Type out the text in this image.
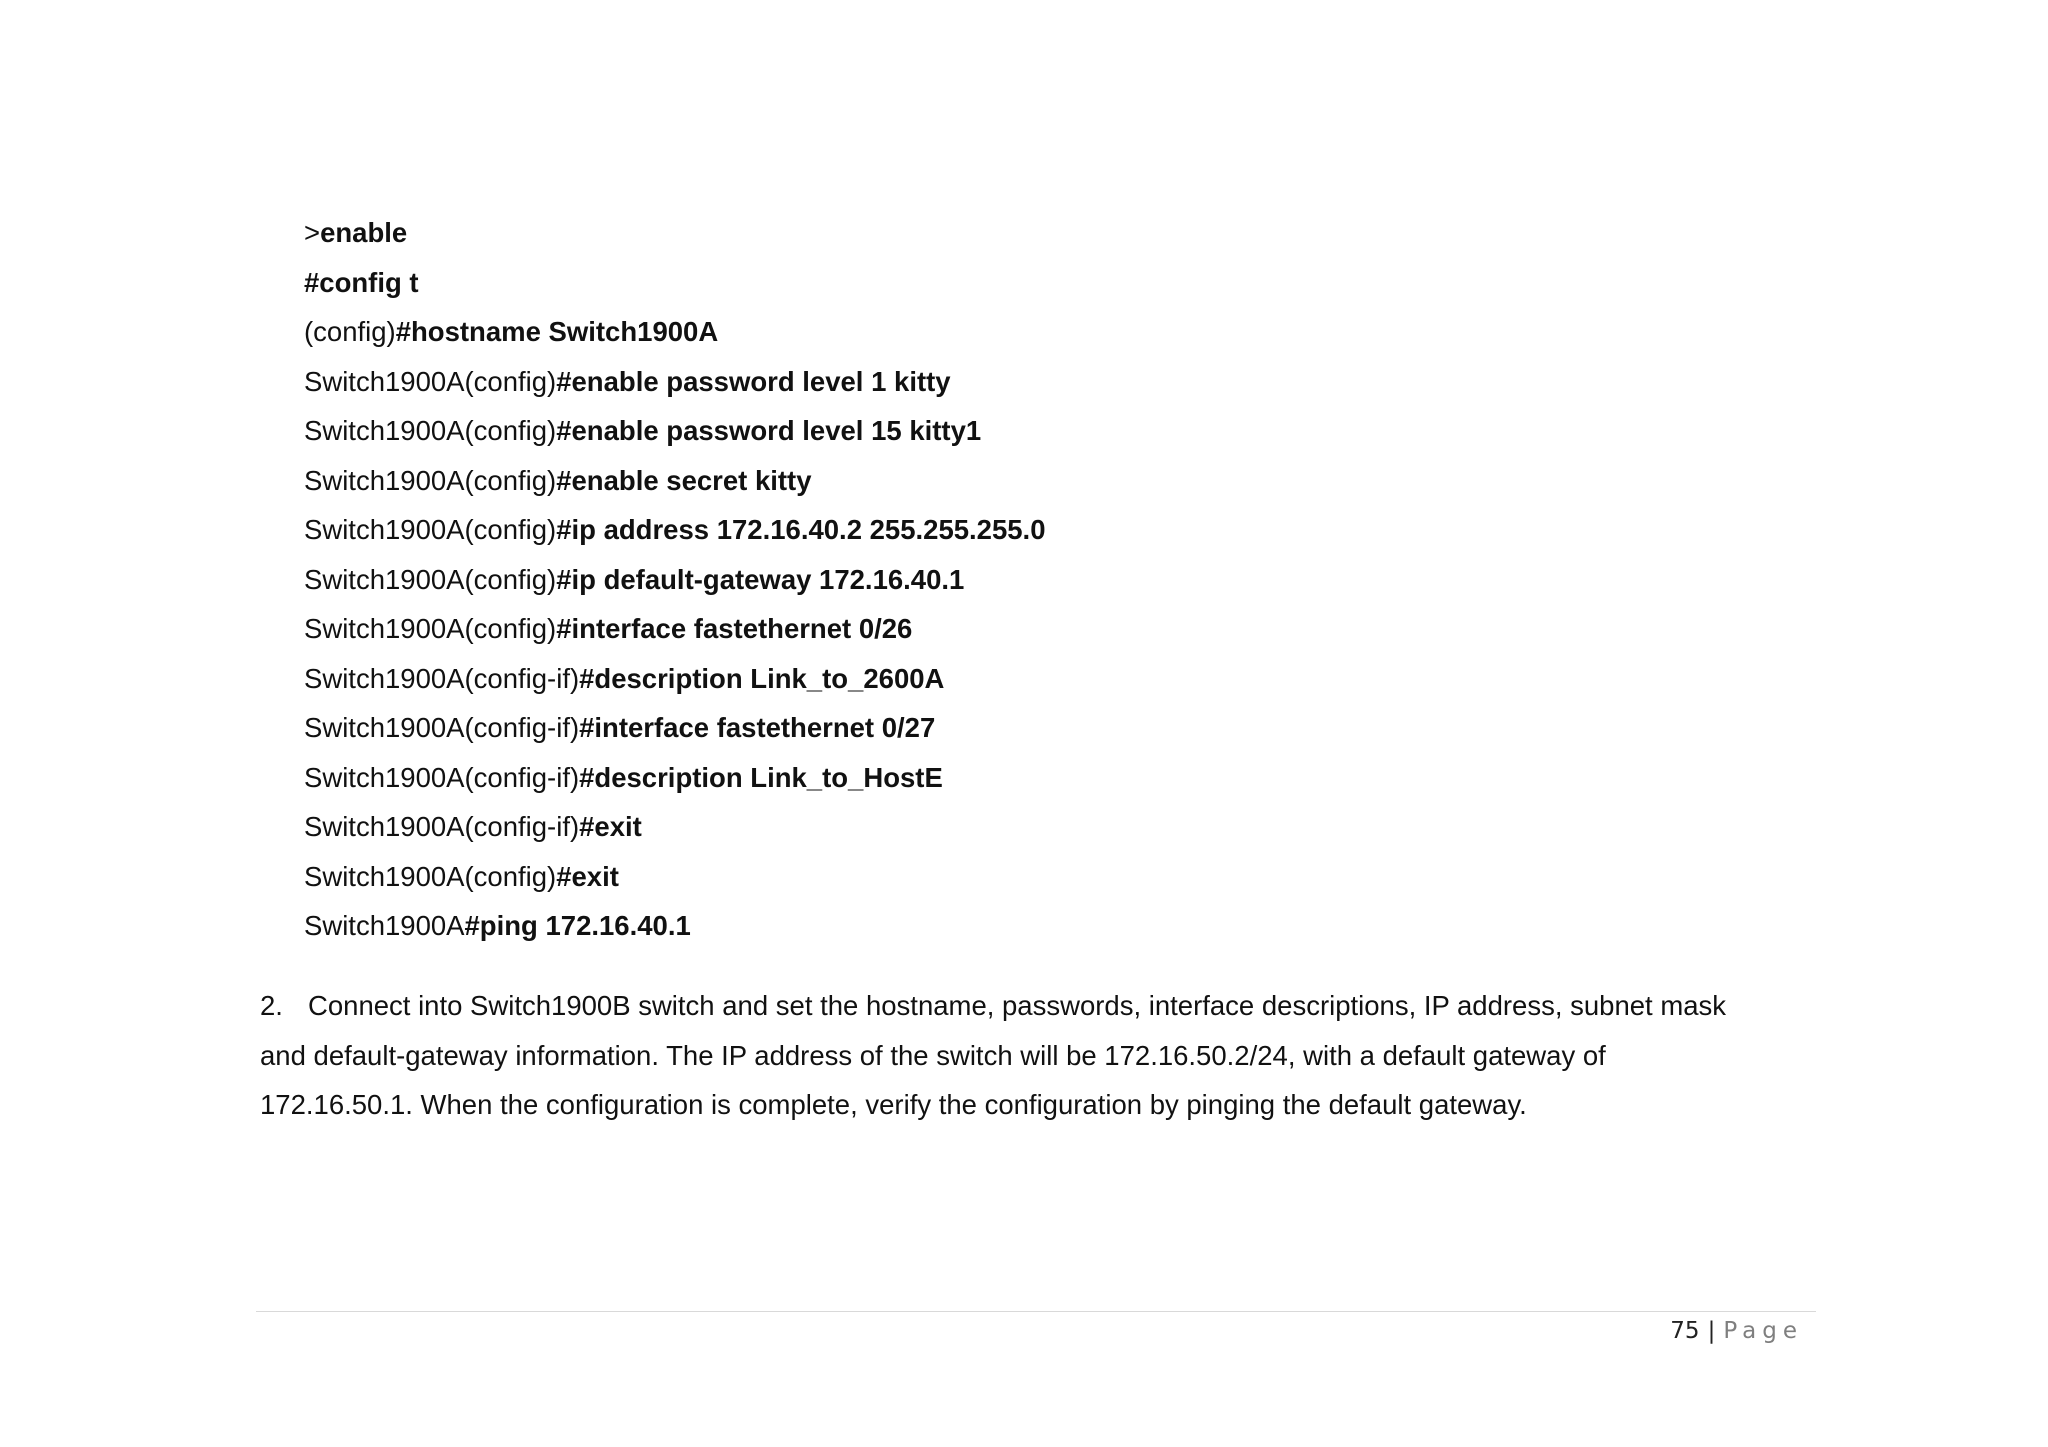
>enable
#config t
(config)#hostname Switch1900A
Switch1900A(config)#enable password level 1 kitty
Switch1900A(config)#enable password level 15 kitty1
Switch1900A(config)#enable secret kitty
Switch1900A(config)#ip address 172.16.40.2 255.255.255.0
Switch1900A(config)#ip default-gateway 172.16.40.1
Switch1900A(config)#interface fastethernet 0/26
Switch1900A(config-if)#description Link_to_2600A
Switch1900A(config-if)#interface fastethernet 0/27
Switch1900A(config-if)#description Link_to_HostE
Switch1900A(config-if)#exit
Switch1900A(config)#exit
Switch1900A#ping 172.16.40.1
2. Connect into Switch1900B switch and set the hostname, passwords, interface descriptions, IP address, subnet mask
and default-gateway information. The IP address of the switch will be 172.16.50.2/24, with a default gateway of
172.16.50.1. When the configuration is complete, verify the configuration by pinging the default gateway.
75 | Page
